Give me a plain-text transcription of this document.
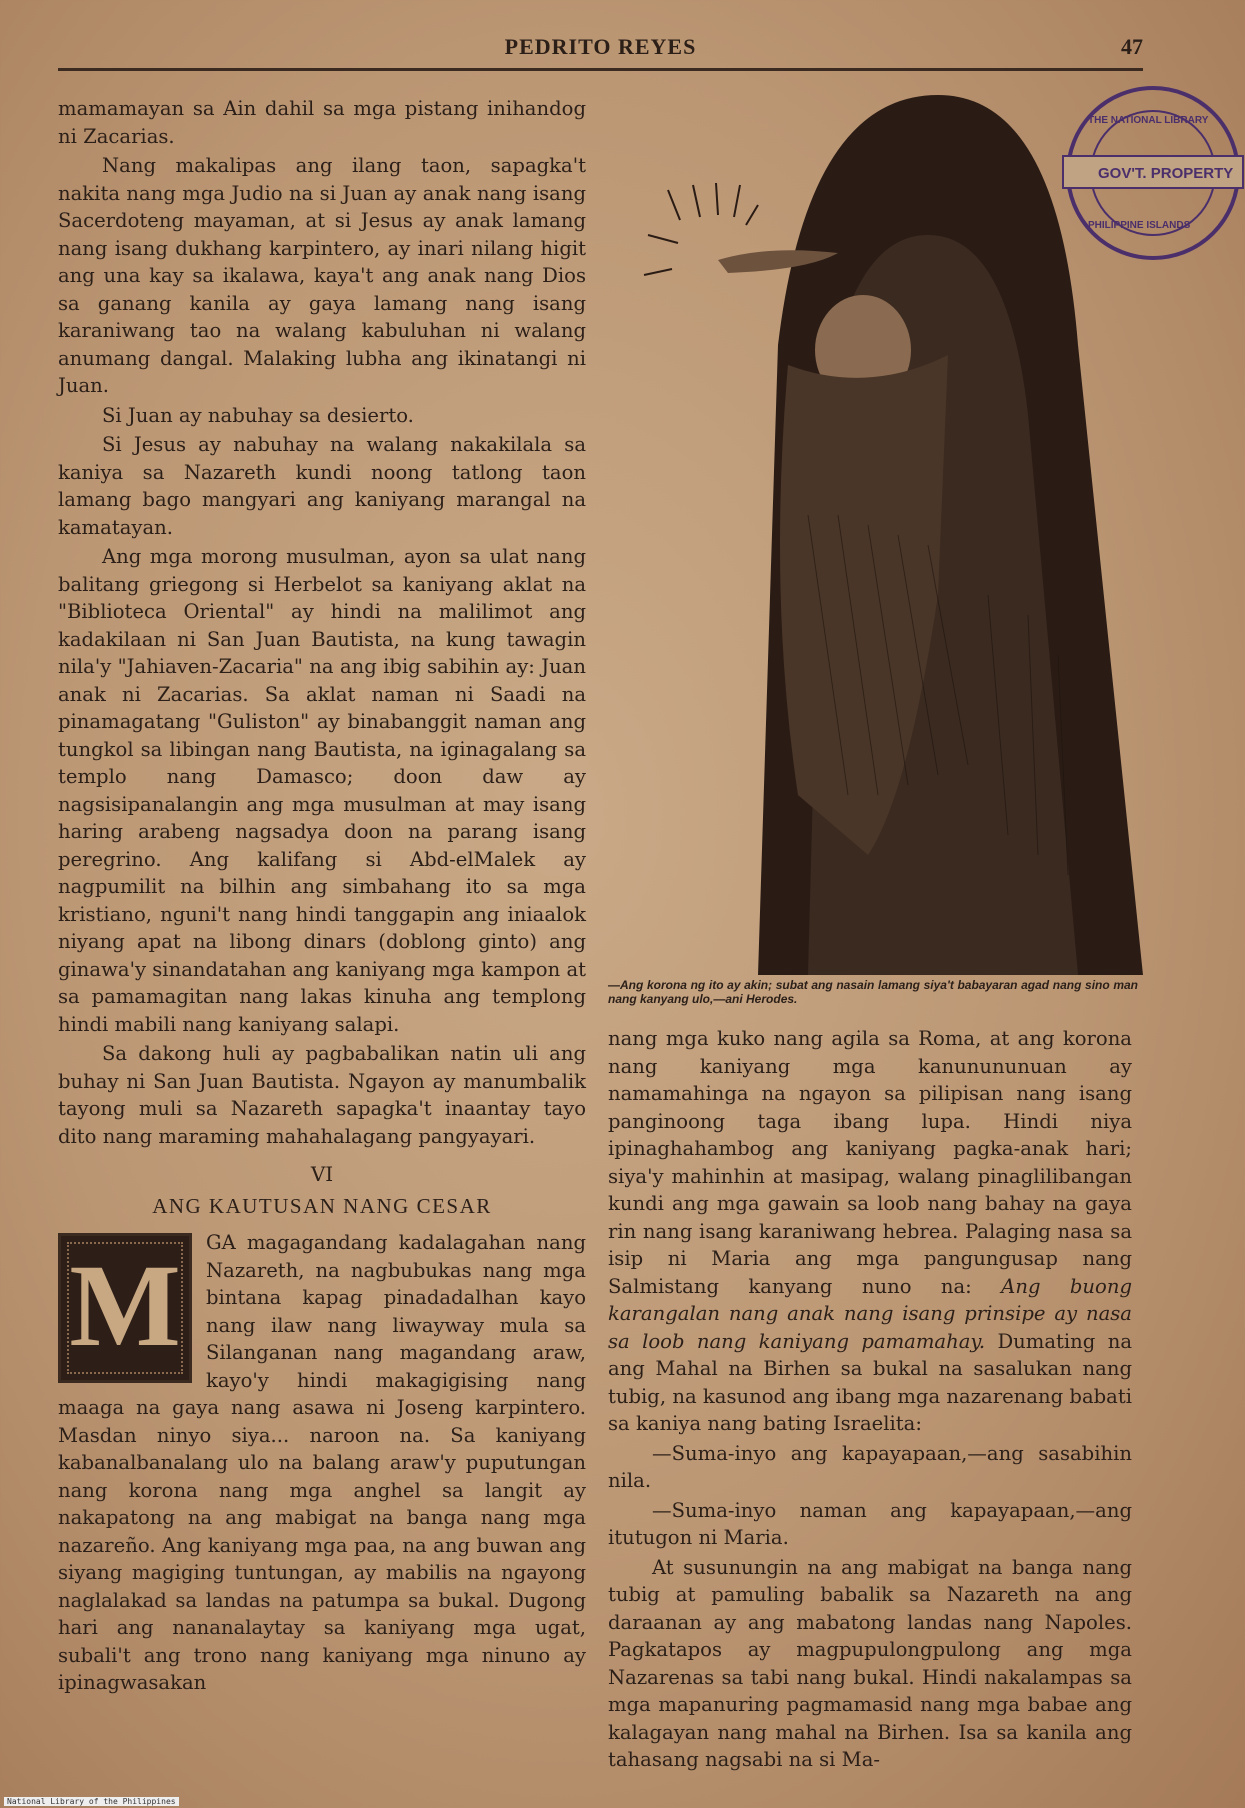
PEDRITO REYES	47

mamamayan sa Ain dahil sa mga pistang inihandog ni Zacarias.

Nang makalipas ang ilang taon, sapagka't nakita nang mga Judio na si Juan ay anak nang isang Sacerdoteng mayaman, at si Jesus ay anak lamang nang isang dukhang karpintero, ay inari nilang higit ang una kay sa ikalawa, kaya't ang anak nang Dios sa ganang kanila ay gaya lamang nang isang karaniwang tao na walang kabuluhan ni walang anumang dangal. Malaking lubha ang ikinatangi ni Juan.

Si Juan ay nabuhay sa desierto.

Si Jesus ay nabuhay na walang nakakilala sa kaniya sa Nazareth kundi noong tatlong taon lamang bago mangyari ang kaniyang marangal na kamatayan.

Ang mga morong musulman, ayon sa ulat nang balitang griegong si Herbelot sa kaniyang aklat na "Biblioteca Oriental" ay hindi na malilimot ang kadakilaan ni San Juan Bautista, na kung tawagin nila'y "Jahiaven-Zacaria" na ang ibig sabihin ay: Juan anak ni Zacarias. Sa aklat naman ni Saadi na pinamagatang "Guliston" ay binabanggit naman ang tungkol sa libingan nang Bautista, na iginagalang sa templo nang Damasco; doon daw ay nagsisipanalangin ang mga musulman at may isang haring arabeng nagsadya doon na parang isang peregrino. Ang kalifang si Abd-elMalek ay nagpumilit na bilhin ang simbahang ito sa mga kristiano, nguni't nang hindi tanggapin ang iniaalok niyang apat na libong dinars (doblong ginto) ang ginawa'y sinandatahan ang kaniyang mga kampon at sa pamamagitan nang lakas kinuha ang templong hindi mabili nang kaniyang salapi.

Sa dakong huli ay pagbabalikan natin uli ang buhay ni San Juan Bautista. Ngayon ay manumbalik tayong muli sa Nazareth sapagka't inaantay tayo dito nang maraming mahahalagang pangyayari.

VI
ANG KAUTUSAN NANG CESAR
M	GA magagandang kadalagahan nang Nazareth, na nagbubukas nang mga bintana kapag pinadadalhan kayo nang ilaw nang liwayway mula sa Silanganan nang magandang araw, kayo'y hindi makagigising nang maaga na gaya nang asawa ni Joseng karpintero. Masdan ninyo siya... naroon na. Sa kaniyang kabanalbanalang ulo na balang araw'y puputungan nang korona nang mga anghel sa langit ay nakapatong na ang mabigat na banga nang mga nazareño. Ang kaniyang mga paa, na ang buwan ang siyang magiging tuntungan, ay mabilis na ngayong naglalakad sa landas na patumpa sa bukal. Dugong hari ang nananalaytay sa kaniyang mga ugat, subali't ang trono nang kaniyang mga ninuno ay ipinagwasakan

—Ang korona ng ito ay akin; subat ang nasain lamang siya't babayaran agad nang sino man nang kanyang ulo,—ani Herodes.
GOV'T. PROPERTY
THE NATIONAL LIBRARY
PHILIPPINE ISLANDS

nang mga kuko nang agila sa Roma, at ang korona nang kaniyang mga kanunununuan ay namamahinga na ngayon sa pilipisan nang isang panginoong taga ibang lupa. Hindi niya ipinaghahambog ang kaniyang pagka-anak hari; siya'y mahinhin at masipag, walang pinaglilibangan kundi ang mga gawain sa loob nang bahay na gaya rin nang isang karaniwang hebrea. Palaging nasa sa isip ni Maria ang mga pangungusap nang Salmistang kanyang nuno na: Ang buong karangalan nang anak nang isang prinsipe ay nasa sa loob nang kaniyang pamamahay. Dumating na ang Mahal na Birhen sa bukal na sasalukan nang tubig, na kasunod ang ibang mga nazarenang babati sa kaniya nang bating Israelita:

—Suma-inyo ang kapayapaan,—ang sasabihin nila.

—Suma-inyo naman ang kapayapaan,—ang itutugon ni Maria.

At susunungin na ang mabigat na banga nang tubig at pamuling babalik sa Nazareth na ang daraanan ay ang mabatong landas nang Napoles. Pagkatapos ay magpupulongpulong ang mga Nazarenas sa tabi nang bukal. Hindi nakalampas sa mga mapanuring pagmamasid nang mga babae ang kalagayan nang mahal na Birhen. Isa sa kanila ang tahasang nagsabi na si Ma-

National Library of the Philippines
